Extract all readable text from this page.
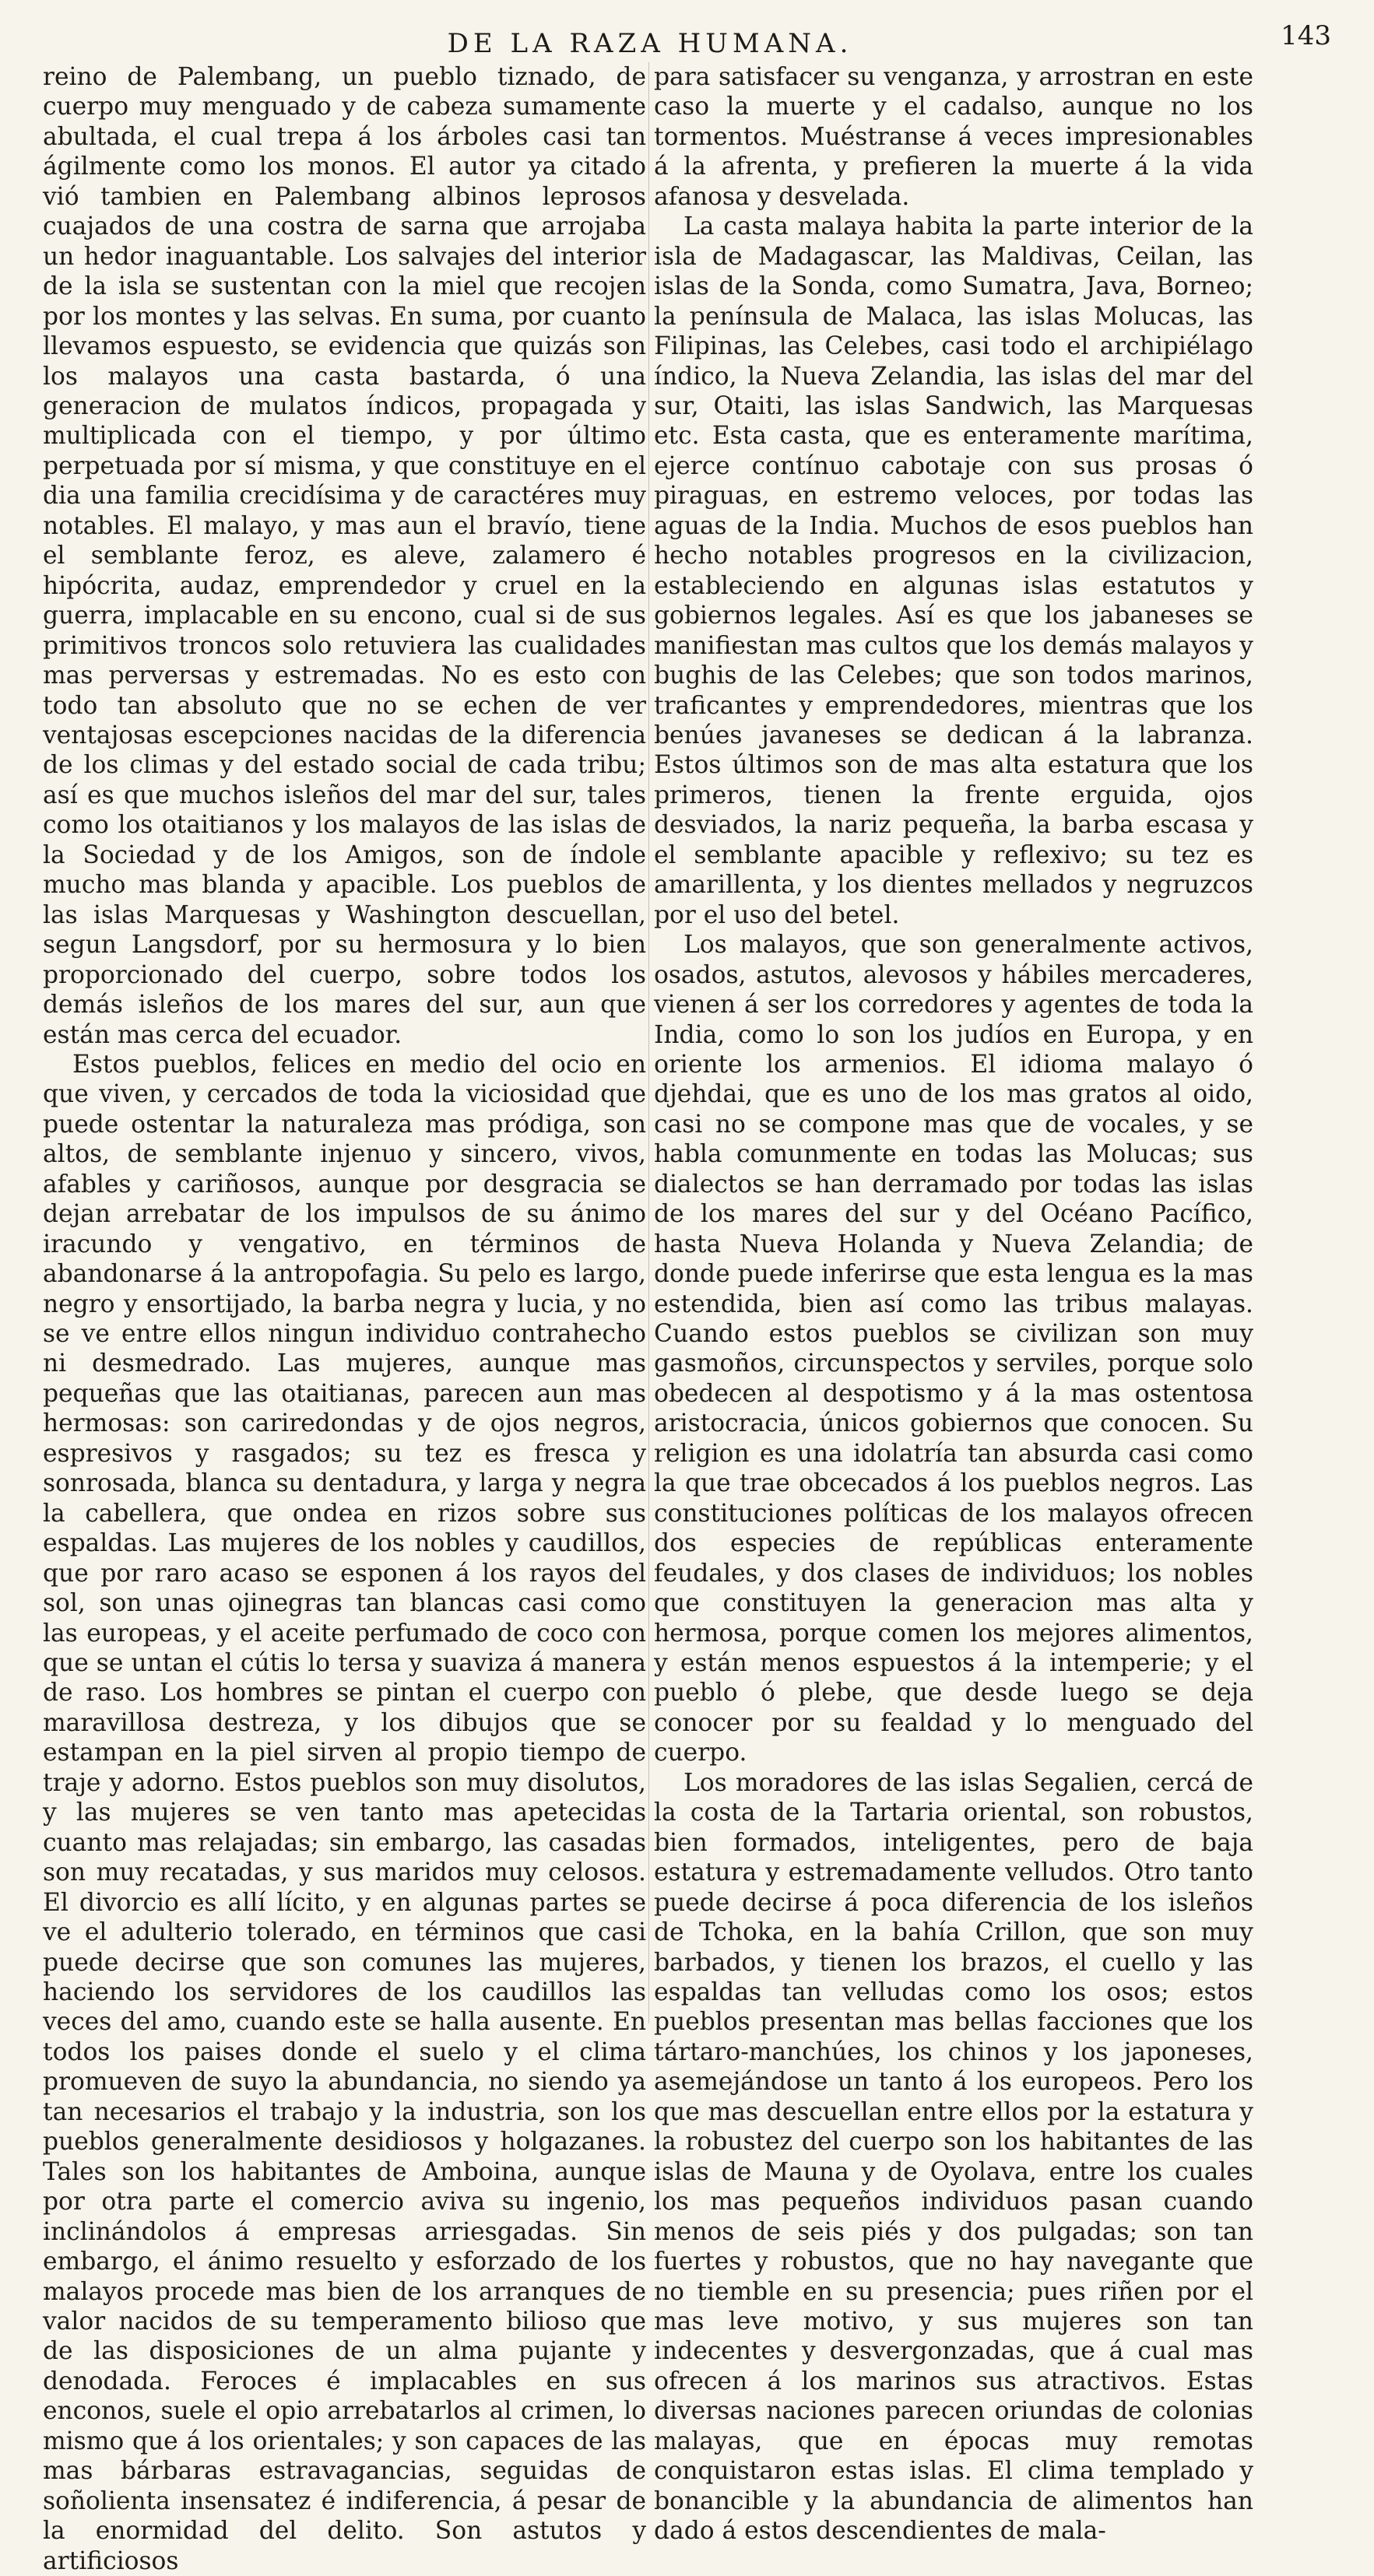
DE LA RAZA HUMANA.	143

reino de Palembang, un pueblo tiznado, de cuerpo muy menguado y de cabeza sumamente abultada, el cual trepa á los árboles casi tan ágilmente como los monos. El autor ya citado vió tambien en Palembang albinos leprosos cuajados de una costra de sarna que arrojaba un hedor inaguantable. Los salvajes del interior de la isla se sustentan con la miel que recojen por los montes y las selvas. En suma, por cuanto llevamos espuesto, se evidencia que quizás son los malayos una casta bastarda, ó una generacion de mulatos índicos, propagada y multiplicada con el tiempo, y por último perpetuada por sí misma, y que constituye en el dia una familia crecidísima y de caractéres muy notables. El malayo, y mas aun el bravío, tiene el semblante feroz, es aleve, zalamero é hipócrita, audaz, emprendedor y cruel en la guerra, implacable en su encono, cual si de sus primitivos troncos solo retuviera las cualidades mas perversas y estremadas. No es esto con todo tan absoluto que no se echen de ver ventajosas escepciones nacidas de la diferencia de los climas y del estado social de cada tribu; así es que muchos isleños del mar del sur, tales como los otaitianos y los malayos de las islas de la Sociedad y de los Amigos, son de índole mucho mas blanda y apacible. Los pueblos de las islas Marquesas y Washington descuellan, segun Langsdorf, por su hermosura y lo bien proporcionado del cuerpo, sobre todos los demás isleños de los mares del sur, aun que están mas cerca del ecuador.

Estos pueblos, felices en medio del ocio en que viven, y cercados de toda la viciosidad que puede ostentar la naturaleza mas pródiga, son altos, de semblante injenuo y sincero, vivos, afables y cariñosos, aunque por desgracia se dejan arrebatar de los impulsos de su ánimo iracundo y vengativo, en términos de abandonarse á la antropofagia. Su pelo es largo, negro y ensortijado, la barba negra y lucia, y no se ve entre ellos ningun individuo contrahecho ni desmedrado. Las mujeres, aunque mas pequeñas que las otaitianas, parecen aun mas hermosas: son cariredondas y de ojos negros, espresivos y rasgados; su tez es fresca y sonrosada, blanca su dentadura, y larga y negra la cabellera, que ondea en rizos sobre sus espaldas. Las mujeres de los nobles y caudillos, que por raro acaso se esponen á los rayos del sol, son unas ojinegras tan blancas casi como las europeas, y el aceite perfumado de coco con que se untan el cútis lo tersa y suaviza á manera de raso. Los hombres se pintan el cuerpo con maravillosa destreza, y los dibujos que se estampan en la piel sirven al propio tiempo de traje y adorno. Estos pueblos son muy disolutos, y las mujeres se ven tanto mas apetecidas cuanto mas relajadas; sin embargo, las casadas son muy recatadas, y sus maridos muy celosos. El divorcio es allí lícito, y en algunas partes se ve el adulterio tolerado, en términos que casi puede decirse que son comunes las mujeres, haciendo los servidores de los caudillos las veces del amo, cuando este se halla ausente. En todos los paises donde el suelo y el clima promueven de suyo la abundancia, no siendo ya tan necesarios el trabajo y la industria, son los pueblos generalmente desidiosos y holgazanes. Tales son los habitantes de Amboina, aunque por otra parte el comercio aviva su ingenio, inclinándolos á empresas arriesgadas. Sin embargo, el ánimo resuelto y esforzado de los malayos procede mas bien de los arranques de valor nacidos de su temperamento bilioso que de las disposiciones de un alma pujante y denodada. Feroces é implacables en sus enconos, suele el opio arrebatarlos al crimen, lo mismo que á los orientales; y son capaces de las mas bárbaras estravagancias, seguidas de soñolienta insensatez é indiferencia, á pesar de la enormidad del delito. Son astutos y artificiosos

para satisfacer su venganza, y arrostran en este caso la muerte y el cadalso, aunque no los tormentos. Muéstranse á veces impresionables á la afrenta, y prefieren la muerte á la vida afanosa y desvelada.

La casta malaya habita la parte interior de la isla de Madagascar, las Maldivas, Ceilan, las islas de la Sonda, como Sumatra, Java, Borneo; la península de Malaca, las islas Molucas, las Filipinas, las Celebes, casi todo el archipiélago índico, la Nueva Zelandia, las islas del mar del sur, Otaiti, las islas Sandwich, las Marquesas etc. Esta casta, que es enteramente marítima, ejerce contínuo cabotaje con sus prosas ó piraguas, en estremo veloces, por todas las aguas de la India. Muchos de esos pueblos han hecho notables progresos en la civilizacion, estableciendo en algunas islas estatutos y gobiernos legales. Así es que los jabaneses se manifiestan mas cultos que los demás malayos y bughis de las Celebes; que son todos marinos, traficantes y emprendedores, mientras que los benúes javaneses se dedican á la labranza. Estos últimos son de mas alta estatura que los primeros, tienen la frente erguida, ojos desviados, la nariz pequeña, la barba escasa y el semblante apacible y reflexivo; su tez es amarillenta, y los dientes mellados y negruzcos por el uso del betel.

Los malayos, que son generalmente activos, osados, astutos, alevosos y hábiles mercaderes, vienen á ser los corredores y agentes de toda la India, como lo son los judíos en Europa, y en oriente los armenios. El idioma malayo ó djehdai, que es uno de los mas gratos al oido, casi no se compone mas que de vocales, y se habla comunmente en todas las Molucas; sus dialectos se han derramado por todas las islas de los mares del sur y del Océano Pacífico, hasta Nueva Holanda y Nueva Zelandia; de donde puede inferirse que esta lengua es la mas estendida, bien así como las tribus malayas. Cuando estos pueblos se civilizan son muy gasmoños, circunspectos y serviles, porque solo obedecen al despotismo y á la mas ostentosa aristocracia, únicos gobiernos que conocen. Su religion es una idolatría tan absurda casi como la que trae obcecados á los pueblos negros. Las constituciones políticas de los malayos ofrecen dos especies de repúblicas enteramente feudales, y dos clases de individuos; los nobles que constituyen la generacion mas alta y hermosa, porque comen los mejores alimentos, y están menos espuestos á la intemperie; y el pueblo ó plebe, que desde luego se deja conocer por su fealdad y lo menguado del cuerpo.

Los moradores de las islas Segalien, cercá de la costa de la Tartaria oriental, son robustos, bien formados, inteligentes, pero de baja estatura y estremadamente velludos. Otro tanto puede decirse á poca diferencia de los isleños de Tchoka, en la bahía Crillon, que son muy barbados, y tienen los brazos, el cuello y las espaldas tan velludas como los osos; estos pueblos presentan mas bellas facciones que los tártaro-manchúes, los chinos y los japoneses, asemejándose un tanto á los europeos. Pero los que mas descuellan entre ellos por la estatura y la robustez del cuerpo son los habitantes de las islas de Mauna y de Oyolava, entre los cuales los mas pequeños individuos pasan cuando menos de seis piés y dos pulgadas; son tan fuertes y robustos, que no hay navegante que no tiemble en su presencia; pues riñen por el mas leve motivo, y sus mujeres son tan indecentes y desvergonzadas, que á cual mas ofrecen á los marinos sus atractivos. Estas diversas naciones parecen oriundas de colonias malayas, que en épocas muy remotas conquistaron estas islas. El clima templado y bonancible y la abundancia de alimentos han dado á estos descendientes de mala-
